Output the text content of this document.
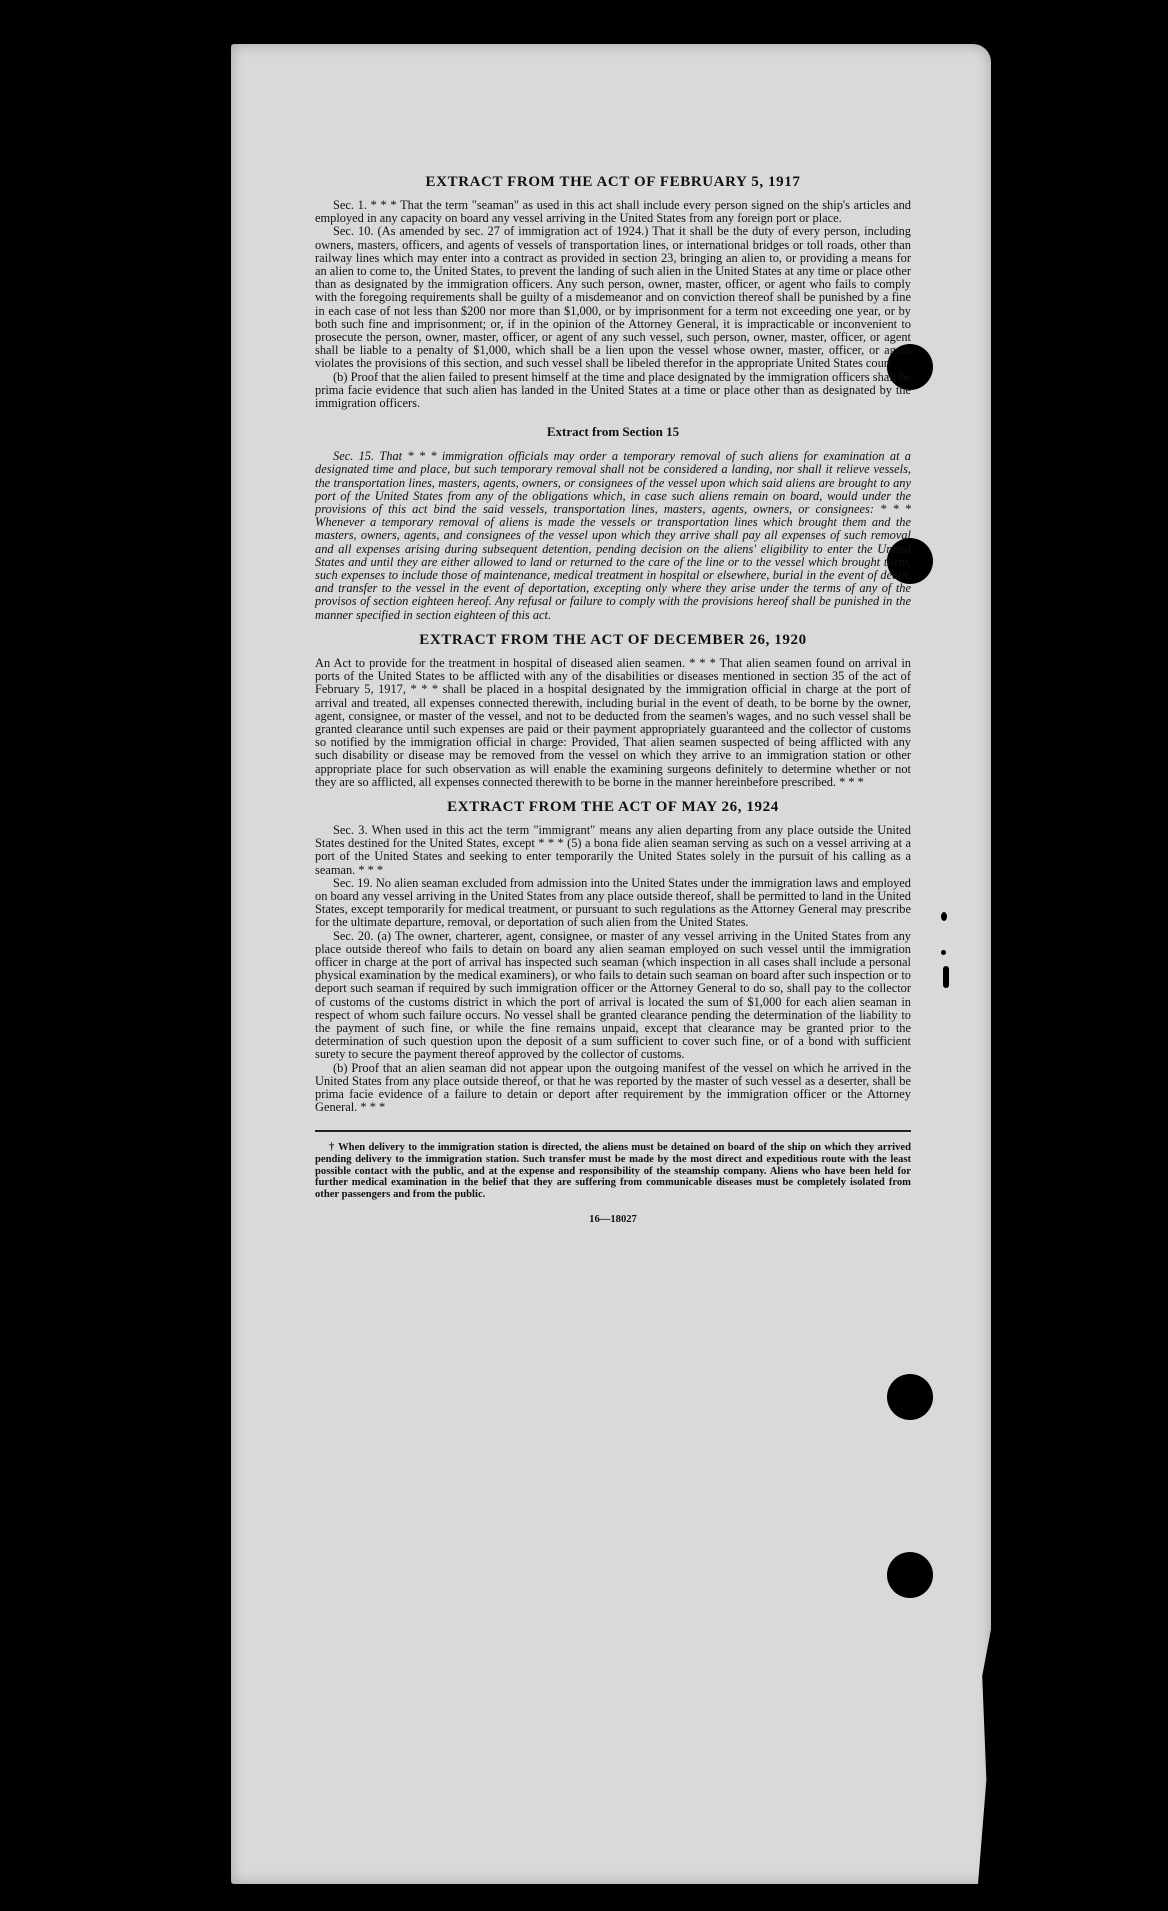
EXTRACT FROM THE ACT OF FEBRUARY 5, 1917

Sec. 1. * * * That the term "seaman" as used in this act shall include every person signed on the ship's articles and employed in any capacity on board any vessel arriving in the United States from any foreign port or place.

Sec. 10. (As amended by sec. 27 of immigration act of 1924.) That it shall be the duty of every person, including owners, masters, officers, and agents of vessels of transportation lines, or international bridges or toll roads, other than railway lines which may enter into a contract as provided in section 23, bringing an alien to, or providing a means for an alien to come to, the United States, to prevent the landing of such alien in the United States at any time or place other than as designated by the immigration officers. Any such person, owner, master, officer, or agent who fails to comply with the foregoing requirements shall be guilty of a misdemeanor and on conviction thereof shall be punished by a fine in each case of not less than $200 nor more than $1,000, or by imprisonment for a term not exceeding one year, or by both such fine and imprisonment; or, if in the opinion of the Attorney General, it is impracticable or inconvenient to prosecute the person, owner, master, officer, or agent of any such vessel, such person, owner, master, officer, or agent shall be liable to a penalty of $1,000, which shall be a lien upon the vessel whose owner, master, officer, or agent violates the provisions of this section, and such vessel shall be libeled therefor in the appropriate United States court.

(b) Proof that the alien failed to present himself at the time and place designated by the immigration officers shall be prima facie evidence that such alien has landed in the United States at a time or place other than as designated by the immigration officers.

Extract from Section 15

Sec. 15. That * * * immigration officials may order a temporary removal of such aliens for examination at a designated time and place, but such temporary removal shall not be considered a landing, nor shall it relieve vessels, the transportation lines, masters, agents, owners, or consignees of the vessel upon which said aliens are brought to any port of the United States from any of the obligations which, in case such aliens remain on board, would under the provisions of this act bind the said vessels, transportation lines, masters, agents, owners, or consignees: * * * Whenever a temporary removal of aliens is made the vessels or transportation lines which brought them and the masters, owners, agents, and consignees of the vessel upon which they arrive shall pay all expenses of such removal and all expenses arising during subsequent detention, pending decision on the aliens' eligibility to enter the United States and until they are either allowed to land or returned to the care of the line or to the vessel which brought them, such expenses to include those of maintenance, medical treatment in hospital or elsewhere, burial in the event of death, and transfer to the vessel in the event of deportation, excepting only where they arise under the terms of any of the provisos of section eighteen hereof. Any refusal or failure to comply with the provisions hereof shall be punished in the manner specified in section eighteen of this act.

EXTRACT FROM THE ACT OF DECEMBER 26, 1920

An Act to provide for the treatment in hospital of diseased alien seamen. * * * That alien seamen found on arrival in ports of the United States to be afflicted with any of the disabilities or diseases mentioned in section 35 of the act of February 5, 1917, * * * shall be placed in a hospital designated by the immigration official in charge at the port of arrival and treated, all expenses connected therewith, including burial in the event of death, to be borne by the owner, agent, consignee, or master of the vessel, and not to be deducted from the seamen's wages, and no such vessel shall be granted clearance until such expenses are paid or their payment appropriately guaranteed and the collector of customs so notified by the immigration official in charge: Provided, That alien seamen suspected of being afflicted with any such disability or disease may be removed from the vessel on which they arrive to an immigration station or other appropriate place for such observation as will enable the examining surgeons definitely to determine whether or not they are so afflicted, all expenses connected therewith to be borne in the manner hereinbefore prescribed. * * *

EXTRACT FROM THE ACT OF MAY 26, 1924

Sec. 3. When used in this act the term "immigrant" means any alien departing from any place outside the United States destined for the United States, except * * * (5) a bona fide alien seaman serving as such on a vessel arriving at a port of the United States and seeking to enter temporarily the United States solely in the pursuit of his calling as a seaman. * * *

Sec. 19. No alien seaman excluded from admission into the United States under the immigration laws and employed on board any vessel arriving in the United States from any place outside thereof, shall be permitted to land in the United States, except temporarily for medical treatment, or pursuant to such regulations as the Attorney General may prescribe for the ultimate departure, removal, or deportation of such alien from the United States.

Sec. 20. (a) The owner, charterer, agent, consignee, or master of any vessel arriving in the United States from any place outside thereof who fails to detain on board any alien seaman employed on such vessel until the immigration officer in charge at the port of arrival has inspected such seaman (which inspection in all cases shall include a personal physical examination by the medical examiners), or who fails to detain such seaman on board after such inspection or to deport such seaman if required by such immigration officer or the Attorney General to do so, shall pay to the collector of customs of the customs district in which the port of arrival is located the sum of $1,000 for each alien seaman in respect of whom such failure occurs. No vessel shall be granted clearance pending the determination of the liability to the payment of such fine, or while the fine remains unpaid, except that clearance may be granted prior to the determination of such question upon the deposit of a sum sufficient to cover such fine, or of a bond with sufficient surety to secure the payment thereof approved by the collector of customs.

(b) Proof that an alien seaman did not appear upon the outgoing manifest of the vessel on which he arrived in the United States from any place outside thereof, or that he was reported by the master of such vessel as a deserter, shall be prima facie evidence of a failure to detain or deport after requirement by the immigration officer or the Attorney General. * * *

† When delivery to the immigration station is directed, the aliens must be detained on board of the ship on which they arrived pending delivery to the immigration station. Such transfer must be made by the most direct and expeditious route with the least possible contact with the public, and at the expense and responsibility of the steamship company. Aliens who have been held for further medical examination in the belief that they are suffering from communicable diseases must be completely isolated from other passengers and from the public.

16—18027
